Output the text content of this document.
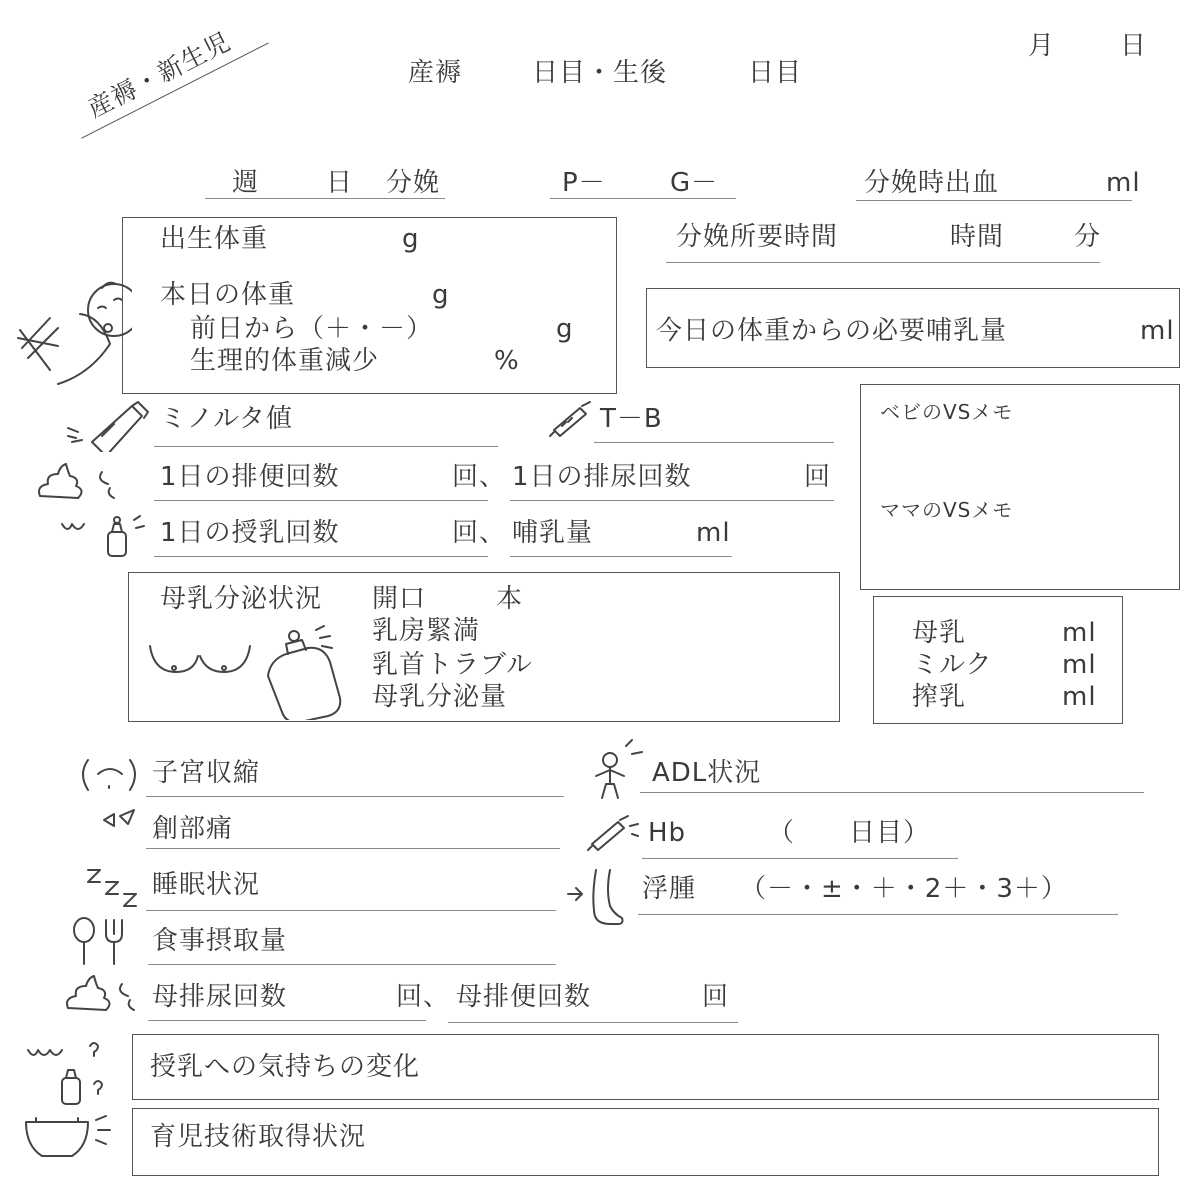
産褥・新生児	月 日
産褥	日目・生後	日目
週	日 分娩	P－ G－	分娩時出血	ml
分娩所要時間	時間	分
出生体重	g
本日の体重	g
前日から（＋・－）	g
生理的体重減少	%
今日の体重からの必要哺乳量	ml
ベビのVSメモ
ママのVSメモ
ミノルタ値	T－B
1日の排便回数	回、 1日の排尿回数	回
1日の授乳回数	回、 哺乳量	ml
母乳分泌状況 開口	本
乳房緊満
乳首トラブル
母乳分泌量
母乳	ml
ミルク	ml
搾乳	ml
子宮収縮
創部痛
睡眠状況
食事摂取量
母排尿回数	回、 母排便回数	回
ADL状況
Hb	（　　日目）
浮腫 （－・±・＋・2＋・3＋）
授乳への気持ちの変化
育児技術取得状況
